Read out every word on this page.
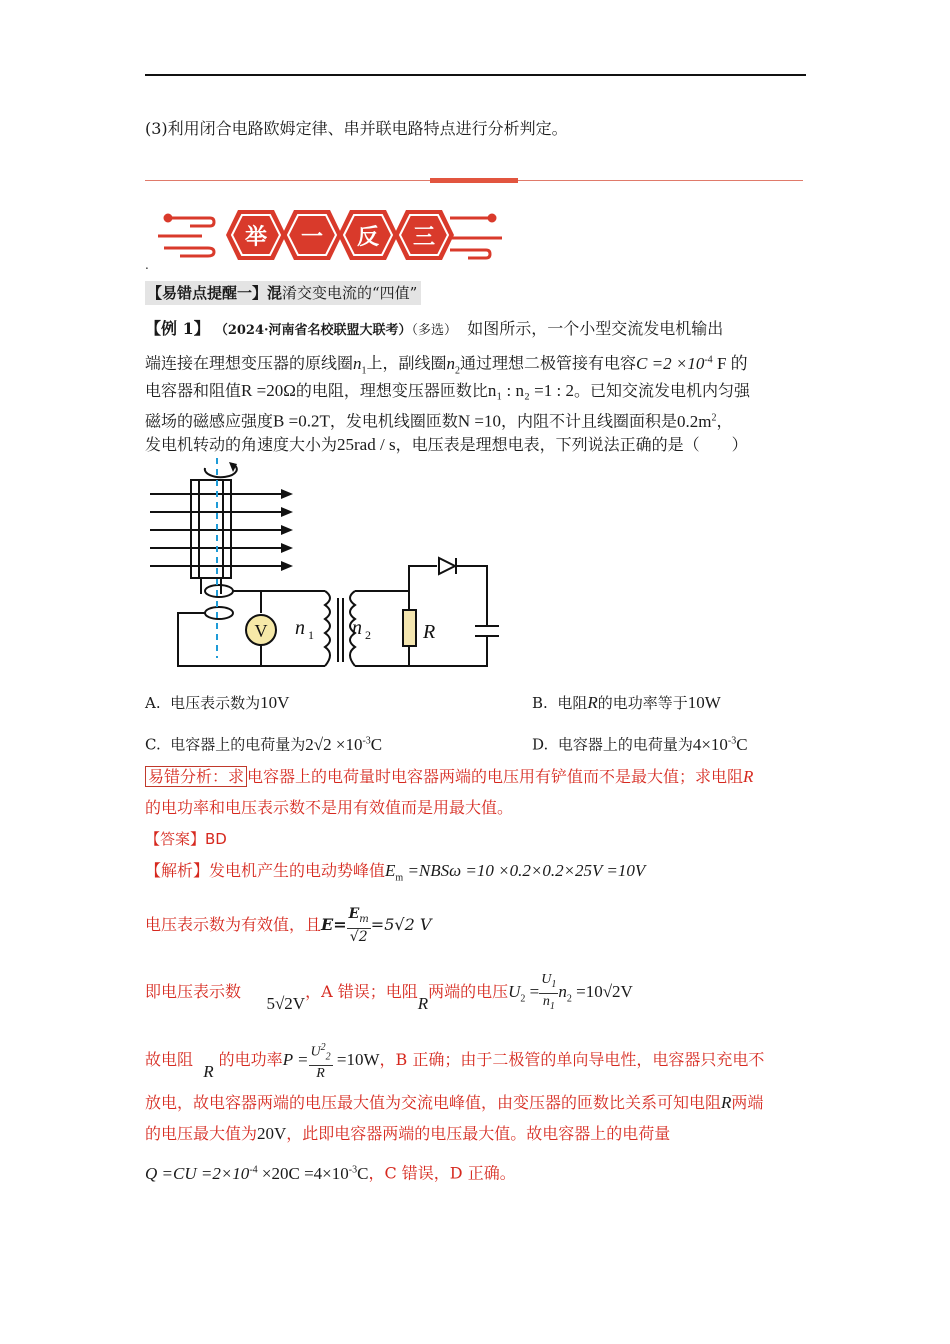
(3)利用闭合电路欧姆定律、串并联电路特点进行分析判定。
举 一 反 三
.
【易错点提醒一】混淆交变电流的“四值”
【例 1】 （2024·河南省名校联盟大联考）（多选） 如图所示，一个小型交流发电机输出
端连接在理想变压器的原线圈$n_1$上，副线圈$n_2$通过理想二极管接有电容$C =2 \times 10^{-4}$ F 的
电容器和阻值R =20Ω的电阻，理想变压器匝数比n₁ : n₂ =1 : 2。已知交流发电机内匀强
磁场的磁感应强度B =0.2T，发电机线圈匝数N =10，内阻不计且线圈面积是$0.2m^2$，
发电机转动的角速度大小为25rad / s，电压表是理想电表，下列说法正确的是（　　）
V n 1 n 2	R
A. 电压表示数为10V	B. 电阻R的电功率等于10W
C. 电容器上的电荷量为$2√2 \times 10^{-3}C$	D. 电容器上的电荷量为$4\times 10^{-3}C$
易错分析：求 电容器上的电荷量时电容器两端的电压用有铲值而不是最大值；求电阻R
的电功率和电压表示数不是用有效值而是用最大值。
【答案】BD
【解析】发电机产生的电动势峰值$E_m =NBS\omega =10 \times 0.2\times 0.2\times 25V =10V$
电压表示数为有效值，且$E= \frac{E_m}{√2} =5√2$ V
即电压表示数     5√2V，A 错误；电阻R两端的电压$U_2 = \frac{U_1}{n_1} n_2 =10√2V$
故电阻  R 的电功率$P = \frac{U^2_2}{R} =10W$，B 正确；由于二极管的单向导电性，电容器只充电不
放电，故电容器两端的电压最大值为交流电峰值，由变压器的匝数比关系可知电阻R两端
的电压最大值为20V，此即电容器两端的电压最大值。故电容器上的电荷量
$Q =CU =2\times 10^{-4} \times 20C =4\times 10^{-3}C$，C 错误，D 正确。
